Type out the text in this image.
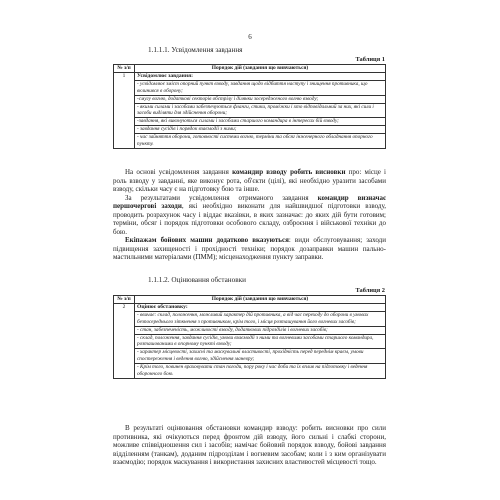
6
1.1.1.1. Усвідомлення завдання
Таблиця 1
№ з/п	Порядок дій (завдання що вивчаються)
1	Усвідомлює завдання:
	- усвідомлює зміст опорний пункт взводу, завдання щодо відбиття наступу і знищення противника, що вклинився в оборону;
	-смугу вогню, додаткові секторів обстрілу і ділянки зосередженого вогню взводу;
	- якими силами і засобами забезпечуються фланги, стики, проміжки і хто відповідальний за них, які сили і засоби виділяти для здійснення оборони;
	-завдання, які виконуються силами і засобами старшого командира в інтересах бій взводу;
	- завдання сусідів і порядок взаємодії з ними;
	- час зайняття оборони, готовності системи вогню, терміни та обсяг інженерного обладнання опорного пункту.

На основі усвідомлення завдання командир взводу робить висновки про: місце і роль взводу у завданні, яке виконує рота, об'єкти (цілі), які необхідно уразити засобами взводу, скільки часу є на підготовку бою та інше.

За результатами усвідомлення отриманого завдання командир визначає першочергові заходи, які необхідно виконати для найшвидшої підготовки взводу, проводить розрахунок часу і віддає вказівки, в яких зазначає: до яких дій бути готовим; терміни, обсяг і порядок підготовки особового складу, озброєння і військової техніки до бою.

Екіпажам бойових машин додатково вказуються: види обслуговування; заходи підвищення захищеності і прохідності техніки; порядок дозаправки машин пально-мастильними матеріалами (ПММ); місценаходження пункту заправки.

1.1.1.2. Оцінювання обстановки
Таблиця 2
№ з/п	Порядок дій (завдання що вивчаються)
2	Оцінює обстановку:
	- ввичає: склад, положення, можливий характер дій противника, а від час переходу до оборони в умовах безпосереднього зіткнення з противником, крім того, і місця розташування його вогневих засобів;
	- стан, забезпеченість, можливості взводу, додаткових підрозділів і вогневих засобів;
	- склад, положення, завдання сусідів, умови взаємодії з ними та вогневими засобами старшого командира, розташованими в опорному пункті взводу;
	- характер місцевості, захисні та маскувальні властивості, прохідність перед переднім краєм, умови спостереження і ведення вогню, здійснення маневру;
	- Крім того, повинен враховувати стан погоди, пору року і час доби та їх вплив на підготовку і ведення оборонного бою.

В результаті оцінювання обстановки командир взводу: робить висновки про сили противника, які очікуються перед фронтом дій взводу, його сильні і слабкі сторони, можливе співвідношення сил і засобів; намічає бойовий порядок взводу, бойові завдання відділенням (танкам), доданим підрозділам і вогневим засобам; коли і з ким організувати взаємодію; порядок маскування і використання захисних властивостей місцевості тощо.
